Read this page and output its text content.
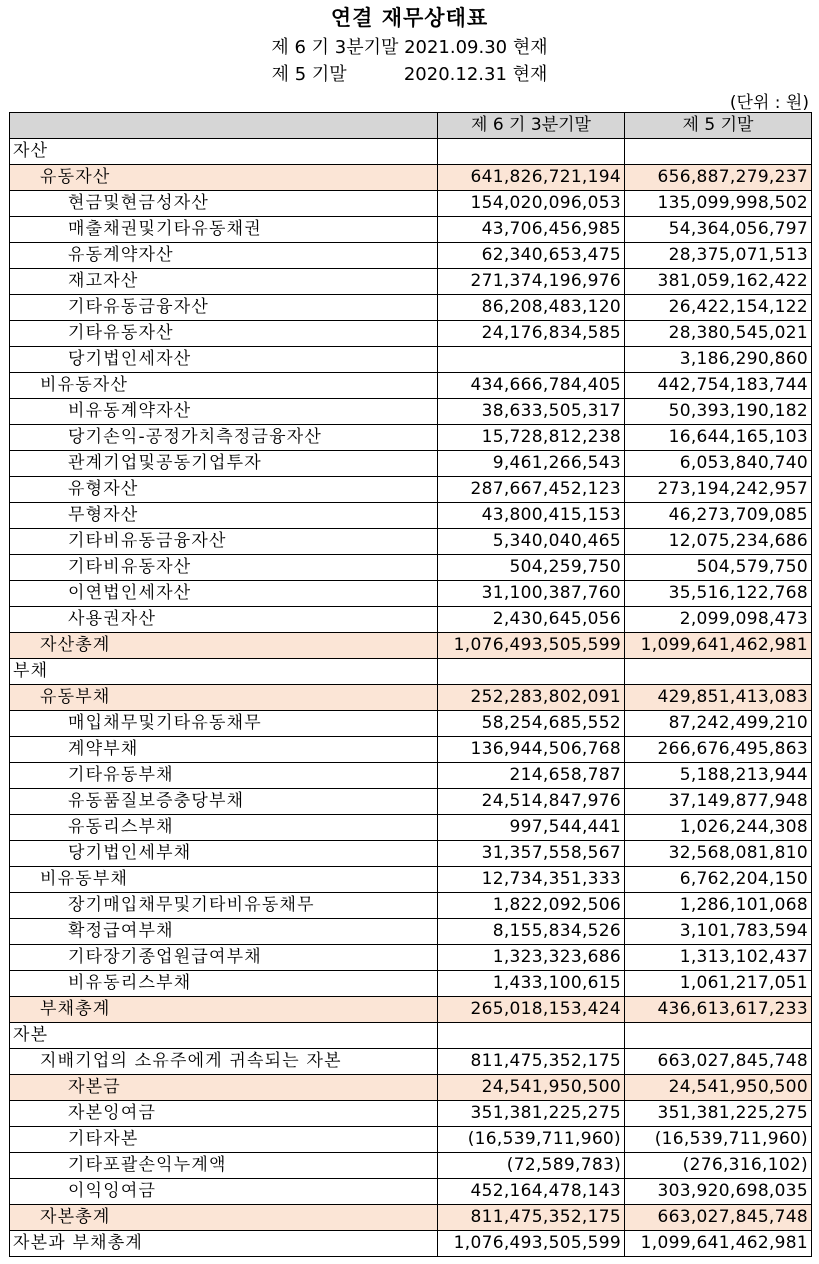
연결 재무상태표
제 6 기 3분기말 2021.09.30 현재
제 5 기말          2020.12.31 현재
(단위 : 원)
	제 6 기 3분기말	제 5 기말
자산		
유동자산	641,826,721,194	656,887,279,237
현금및현금성자산	154,020,096,053	135,099,998,502
매출채권및기타유동채권	43,706,456,985	54,364,056,797
유동계약자산	62,340,653,475	28,375,071,513
재고자산	271,374,196,976	381,059,162,422
기타유동금융자산	86,208,483,120	26,422,154,122
기타유동자산	24,176,834,585	28,380,545,021
당기법인세자산		3,186,290,860
비유동자산	434,666,784,405	442,754,183,744
비유동계약자산	38,633,505,317	50,393,190,182
당기손익-공정가치측정금융자산	15,728,812,238	16,644,165,103
관계기업및공동기업투자	9,461,266,543	6,053,840,740
유형자산	287,667,452,123	273,194,242,957
무형자산	43,800,415,153	46,273,709,085
기타비유동금융자산	5,340,040,465	12,075,234,686
기타비유동자산	504,259,750	504,579,750
이연법인세자산	31,100,387,760	35,516,122,768
사용권자산	2,430,645,056	2,099,098,473
자산총계	1,076,493,505,599	1,099,641,462,981
부채		
유동부채	252,283,802,091	429,851,413,083
매입채무및기타유동채무	58,254,685,552	87,242,499,210
계약부채	136,944,506,768	266,676,495,863
기타유동부채	214,658,787	5,188,213,944
유동품질보증충당부채	24,514,847,976	37,149,877,948
유동리스부채	997,544,441	1,026,244,308
당기법인세부채	31,357,558,567	32,568,081,810
비유동부채	12,734,351,333	6,762,204,150
장기매입채무및기타비유동채무	1,822,092,506	1,286,101,068
확정급여부채	8,155,834,526	3,101,783,594
기타장기종업원급여부채	1,323,323,686	1,313,102,437
비유동리스부채	1,433,100,615	1,061,217,051
부채총계	265,018,153,424	436,613,617,233
자본		
지배기업의 소유주에게 귀속되는 자본	811,475,352,175	663,027,845,748
자본금	24,541,950,500	24,541,950,500
자본잉여금	351,381,225,275	351,381,225,275
기타자본	(16,539,711,960)	(16,539,711,960)
기타포괄손익누계액	(72,589,783)	(276,316,102)
이익잉여금	452,164,478,143	303,920,698,035
자본총계	811,475,352,175	663,027,845,748
자본과 부채총계	1,076,493,505,599	1,099,641,462,981
